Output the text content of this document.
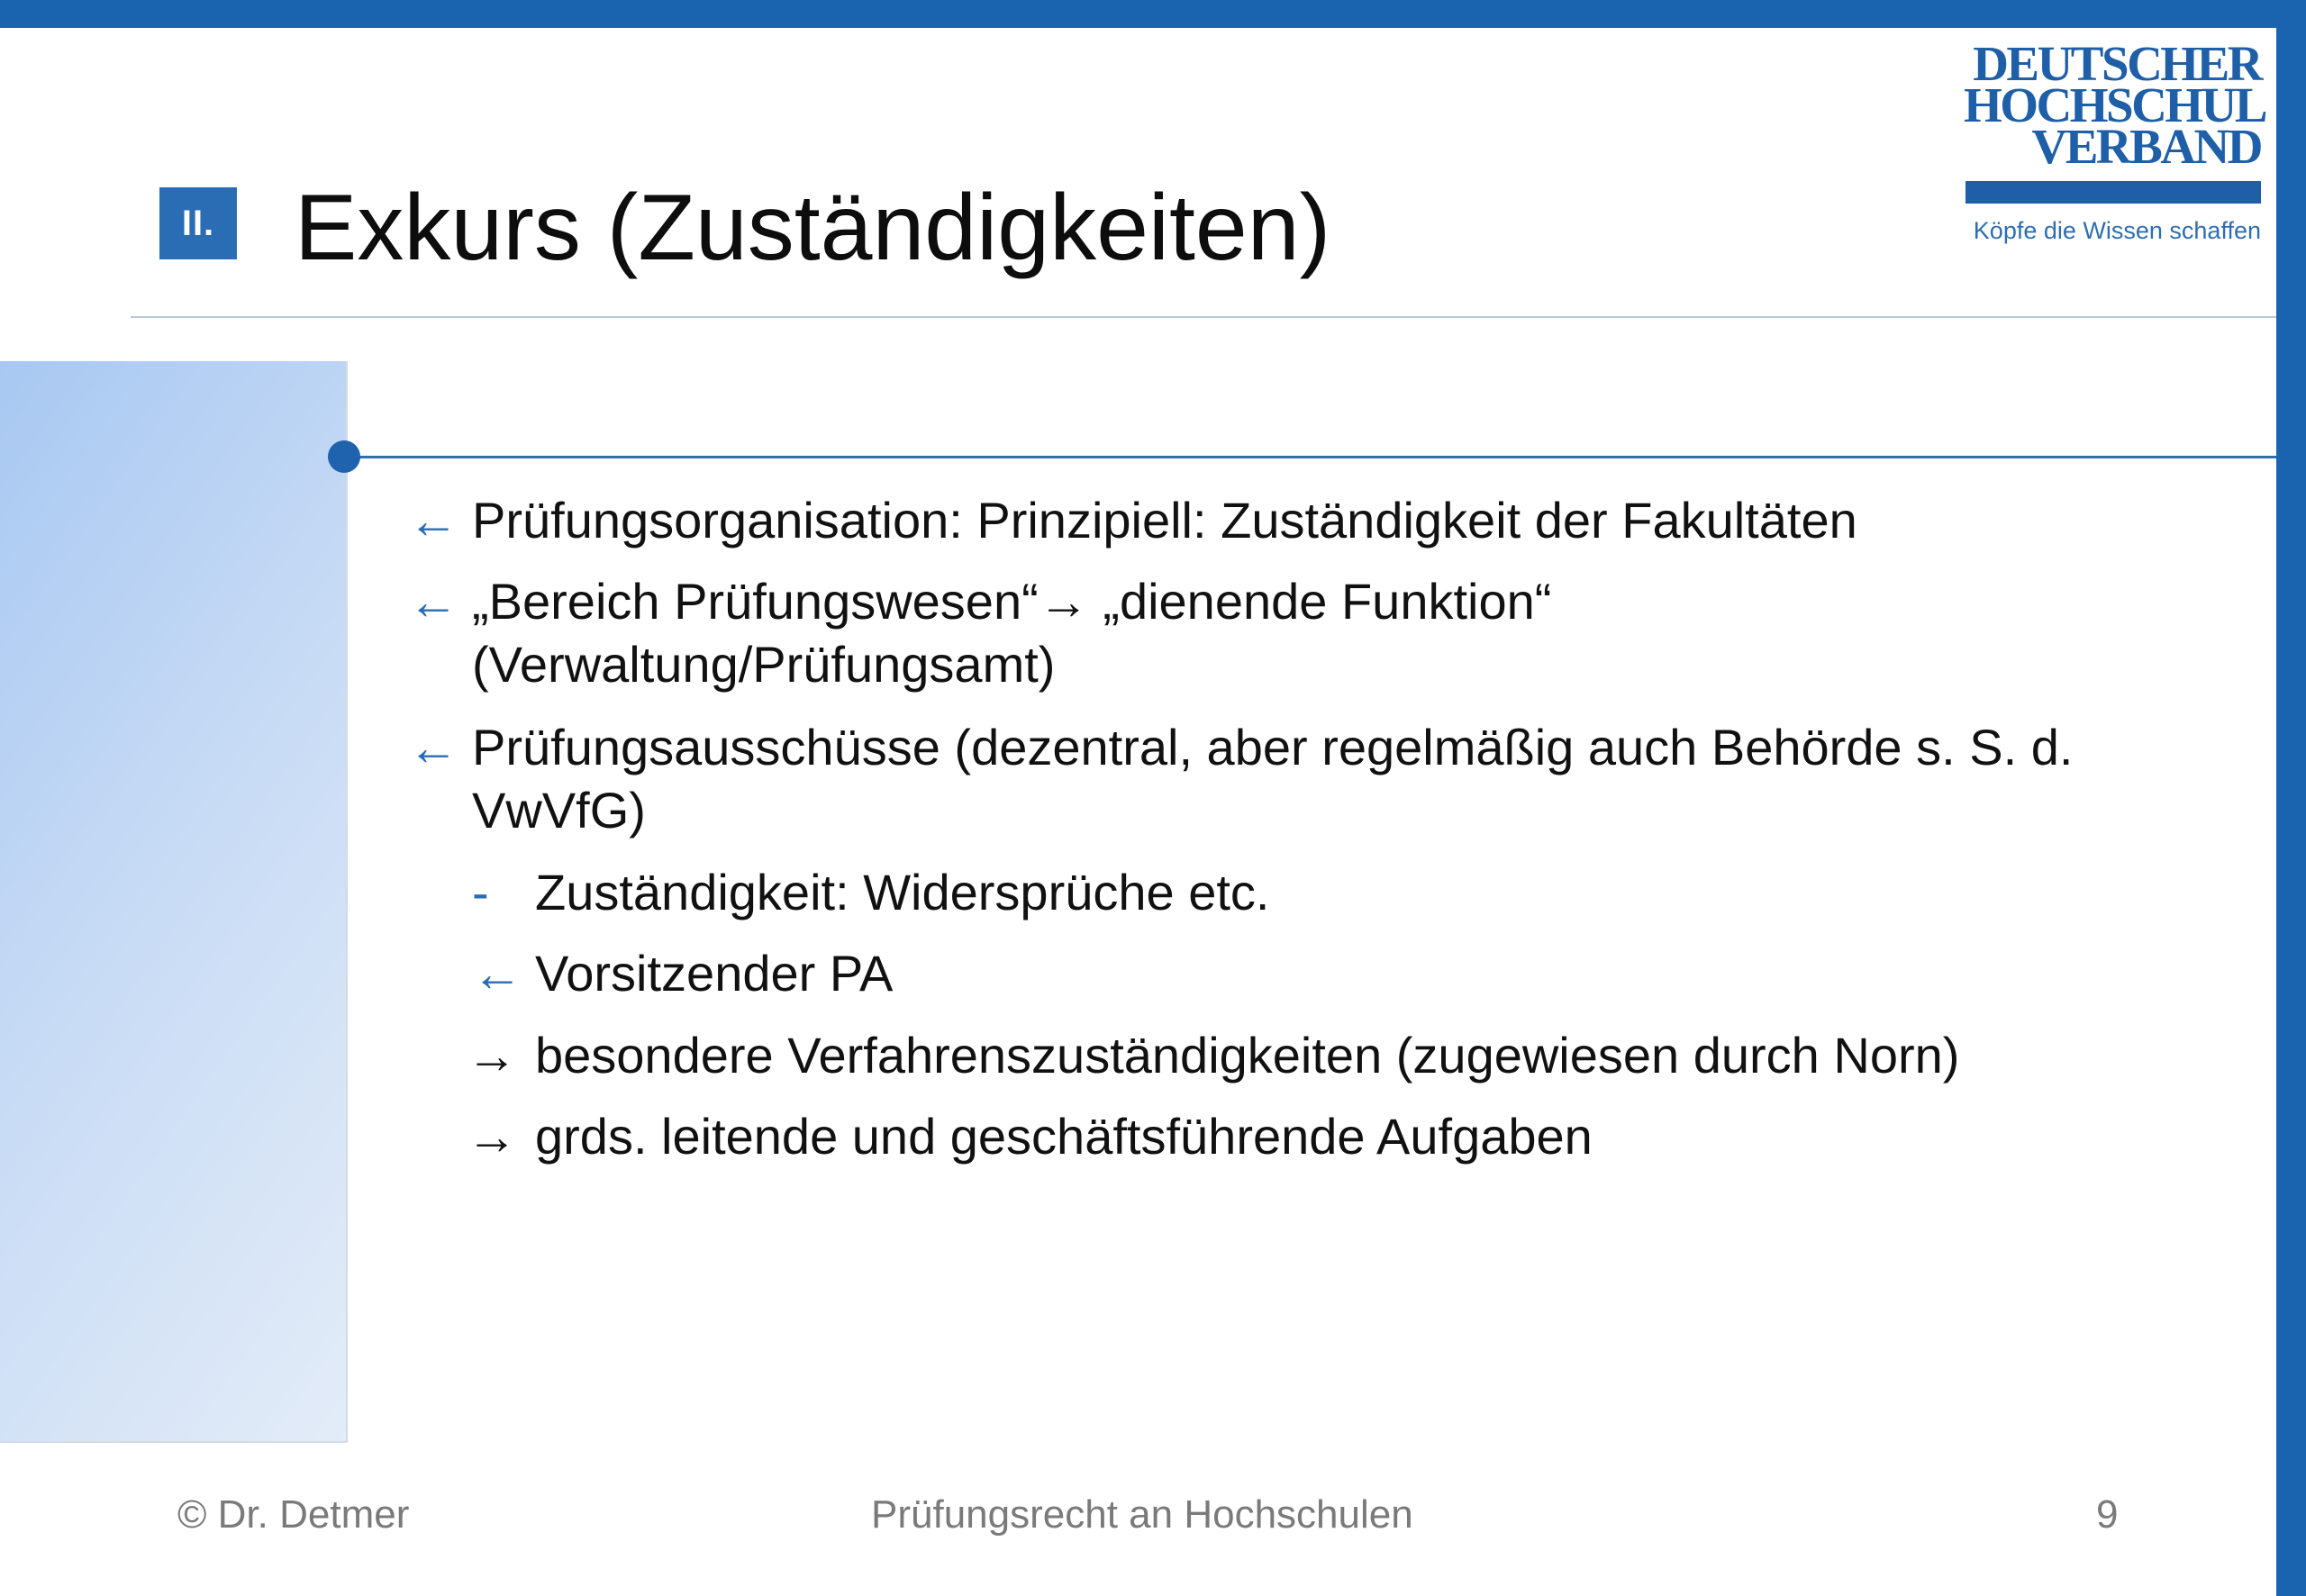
II. Exkurs (Zuständigkeiten)
DEUTSCHER
HOCHSCHUL
VERBAND
Köpfe die Wissen schaffen
← Prüfungsorganisation: Prinzipiell: Zuständigkeit der Fakultäten
← „Bereich Prüfungswesen“→ „dienende Funktion“
(Verwaltung/Prüfungsamt)
← Prüfungsausschüsse (dezentral, aber regelmäßig auch Behörde s. S. d.
VwVfG)
- Zuständigkeit: Widersprüche etc.
← Vorsitzender PA
→ besondere Verfahrenszuständigkeiten (zugewiesen durch Norn)
→ grds. leitende und geschäftsführende Aufgaben
© Dr. Detmer	Prüfungsrecht an Hochschulen	9
